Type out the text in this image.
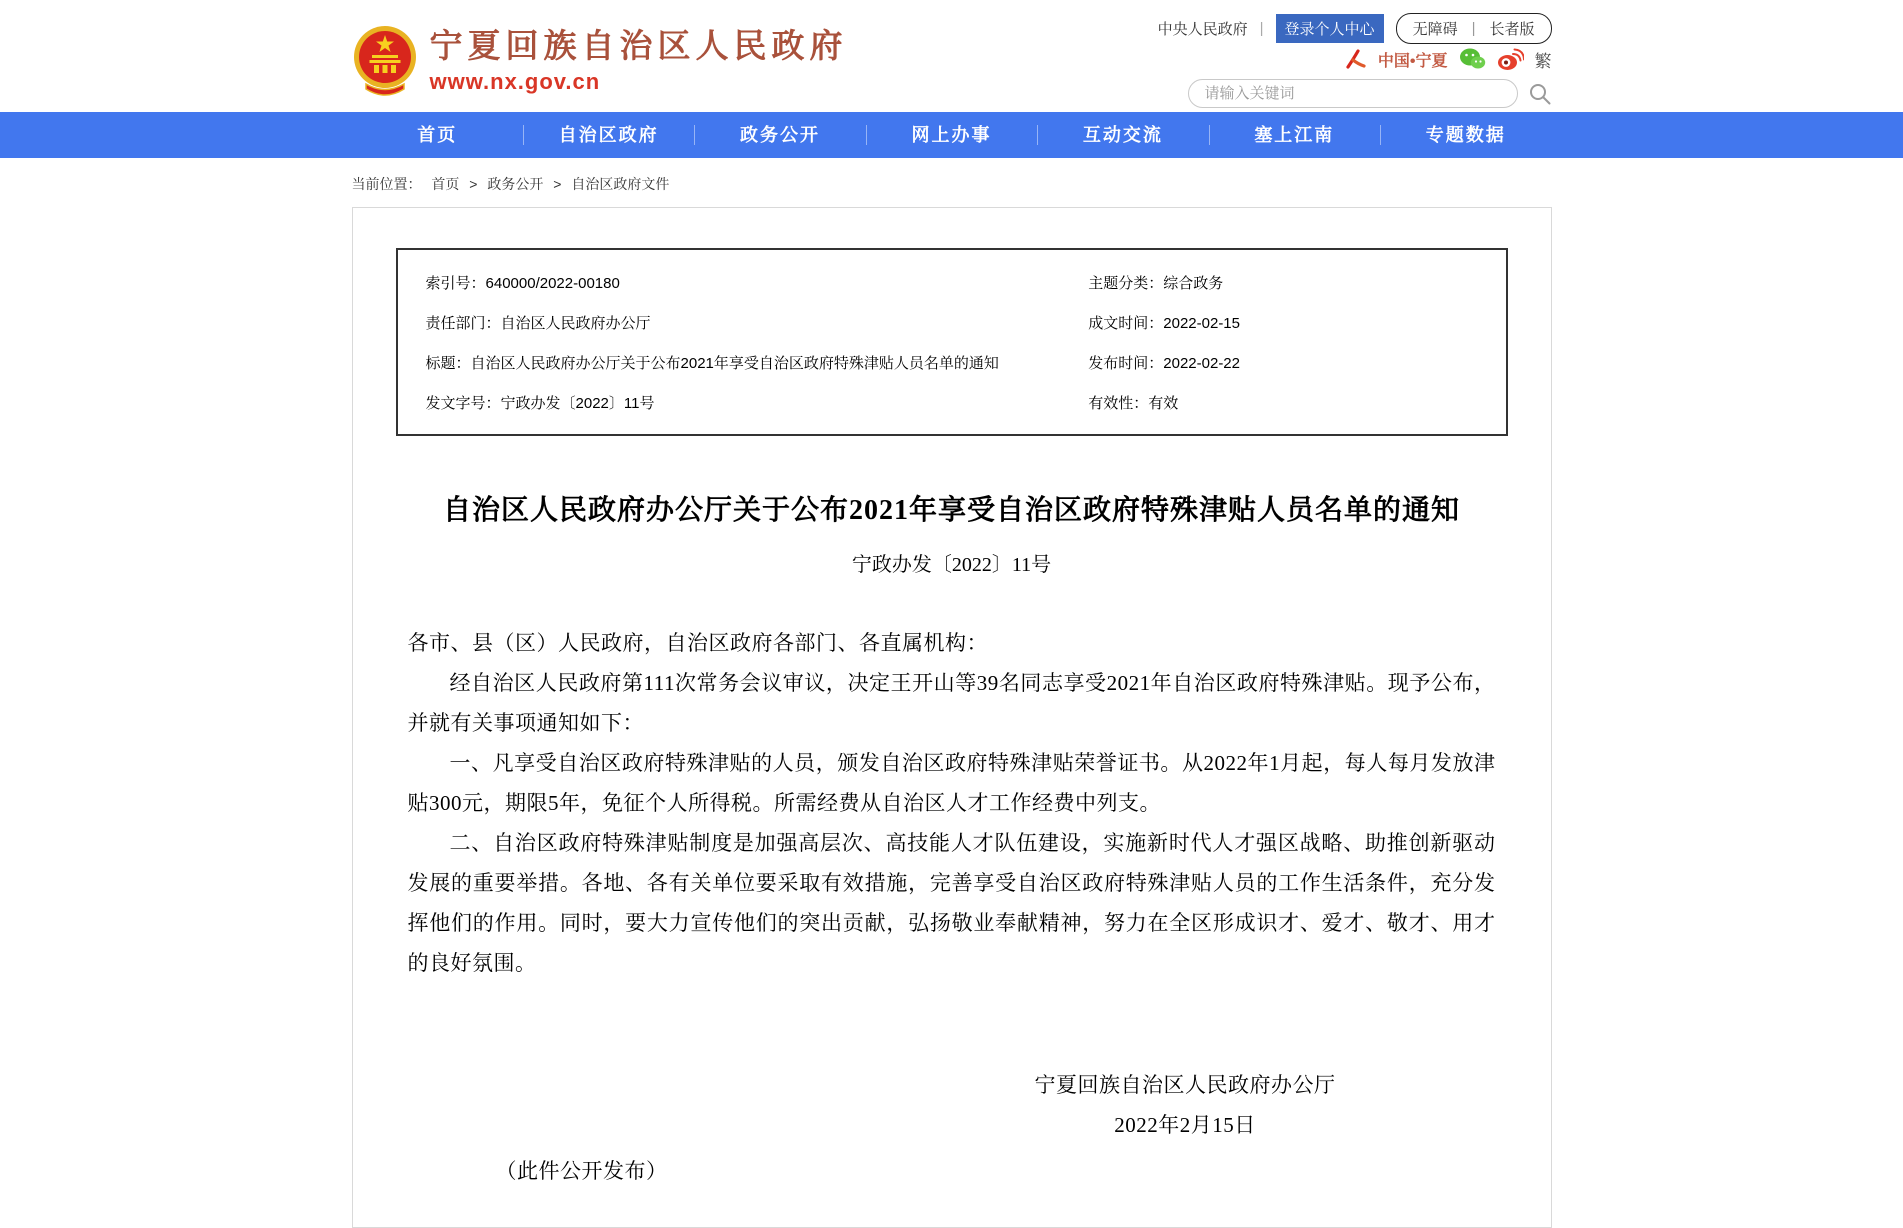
宁夏回族自治区人民政府
www.nx.gov.cn
中央人民政府 |	登录个人中心	无障碍 | 长者版
中国•宁夏	繁
请输入关键词
首页	自治区政府	政务公开	网上办事	互动交流	塞上江南	专题数据
当前位置： 首页 > 政务公开 > 自治区政府文件
索引号：640000/2022-00180	主题分类：综合政务
责任部门：自治区人民政府办公厅	成文时间：2022-02-15
标题：自治区人民政府办公厅关于公布2021年享受自治区政府特殊津贴人员名单的通知	发布时间：2022-02-22
发文字号：宁政办发〔2022〕11号	有效性：有效
自治区人民政府办公厅关于公布2021年享受自治区政府特殊津贴人员名单的通知
宁政办发〔2022〕11号

各市、县（区）人民政府，自治区政府各部门、各直属机构：

经自治区人民政府第111次常务会议审议，决定王开山等39名同志享受2021年自治区政府特殊津贴。现予公布，并就有关事项通知如下：

一、凡享受自治区政府特殊津贴的人员，颁发自治区政府特殊津贴荣誉证书。从2022年1月起，每人每月发放津贴300元，期限5年，免征个人所得税。所需经费从自治区人才工作经费中列支。

二、自治区政府特殊津贴制度是加强高层次、高技能人才队伍建设，实施新时代人才强区战略、助推创新驱动发展的重要举措。各地、各有关单位要采取有效措施，完善享受自治区政府特殊津贴人员的工作生活条件，充分发挥他们的作用。同时，要大力宣传他们的突出贡献，弘扬敬业奉献精神，努力在全区形成识才、爱才、敬才、用才的良好氛围。

宁夏回族自治区人民政府办公厅
2022年2月15日
（此件公开发布）
